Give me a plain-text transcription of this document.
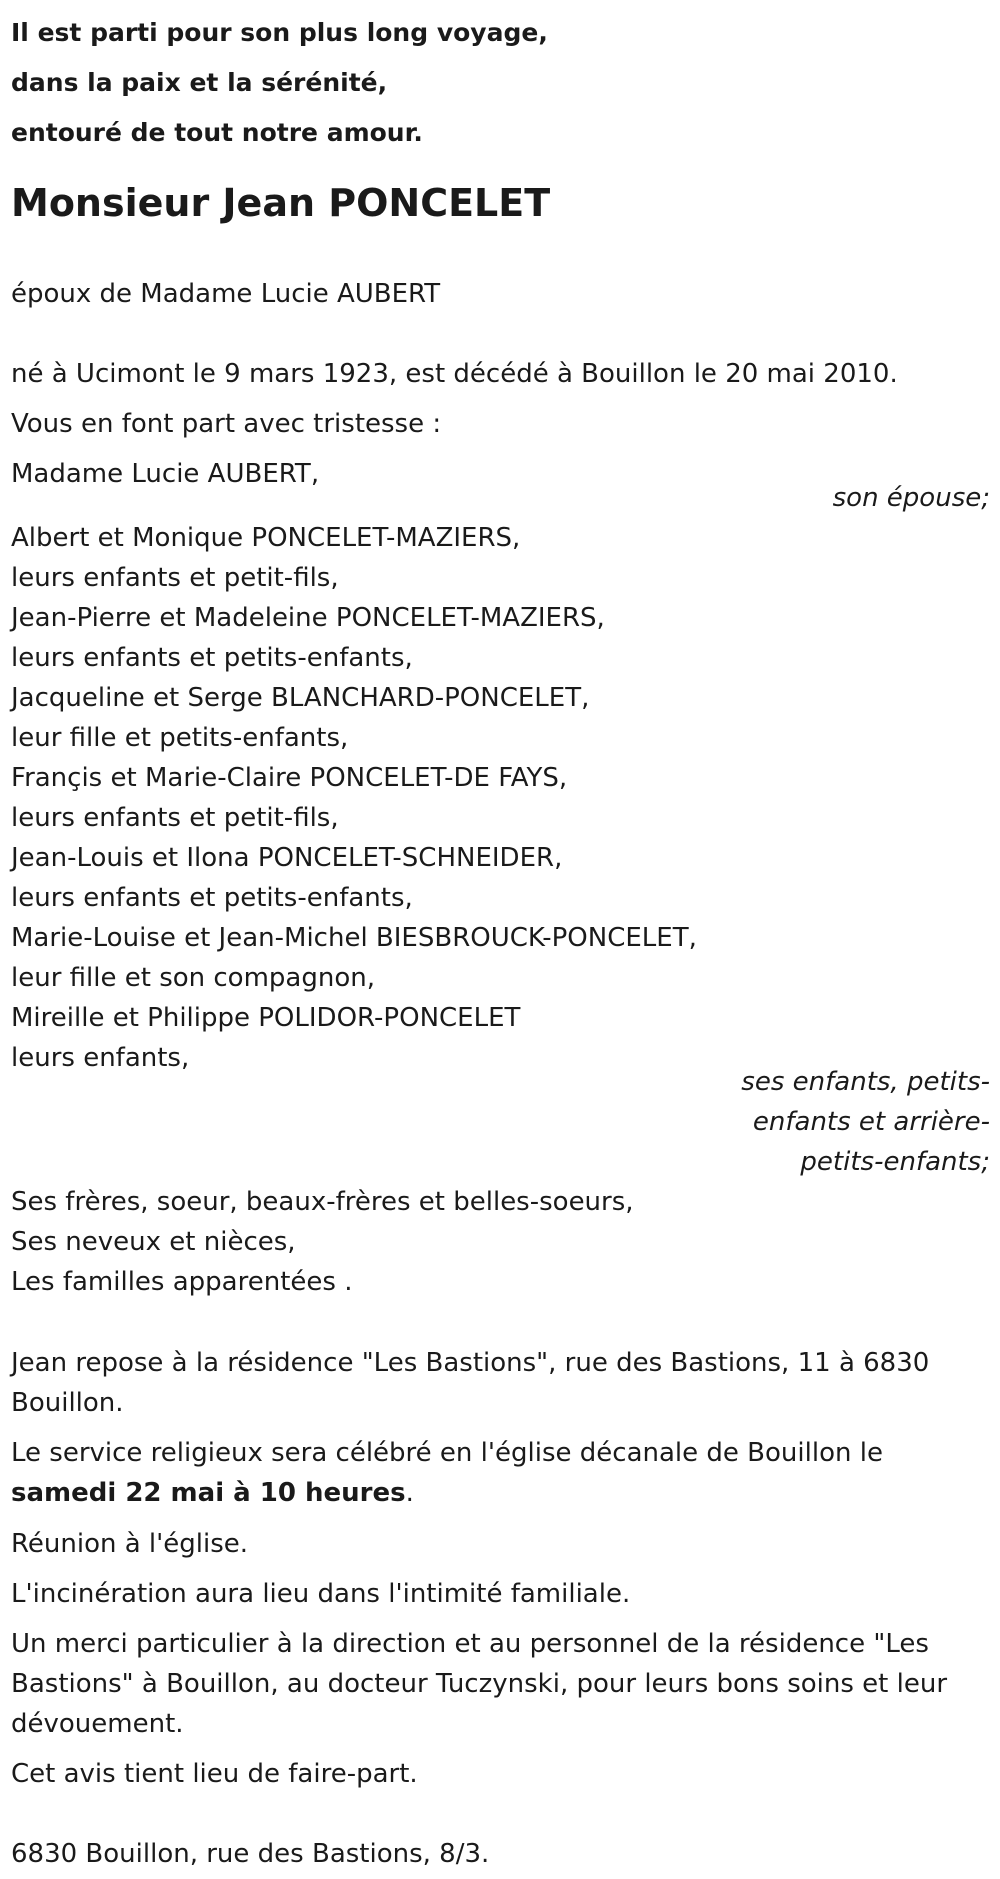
Il est parti pour son plus long voyage,
dans la paix et la sérénité,
entouré de tout notre amour.
Monsieur Jean PONCELET

époux de Madame Lucie AUBERT

né à Ucimont le 9 mars 1923, est décédé à Bouillon le 20 mai 2010.

Vous en font part avec tristesse :

Madame Lucie AUBERT,

son épouse;

Albert et Monique PONCELET-MAZIERS,
leurs enfants et petit-fils,
Jean-Pierre et Madeleine PONCELET-MAZIERS,
leurs enfants et petits-enfants,
Jacqueline et Serge BLANCHARD-PONCELET,
leur fille et petits-enfants,
Françis et Marie-Claire PONCELET-DE FAYS,
leurs enfants et petit-fils,
Jean-Louis et Ilona PONCELET-SCHNEIDER,
leurs enfants et petits-enfants,
Marie-Louise et Jean-Michel BIESBROUCK-PONCELET,
leur fille et son compagnon,
Mireille et Philippe POLIDOR-PONCELET
leurs enfants,

ses enfants, petits-enfants et arrière-petits-enfants;

Ses frères, soeur, beaux-frères et belles-soeurs,
Ses neveux et nièces,
Les familles apparentées .

Jean repose à la résidence "Les Bastions", rue des Bastions, 11 à 6830 Bouillon.

Le service religieux sera célébré en l'église décanale de Bouillon le samedi 22 mai à 10 heures.

Réunion à l'église.

L'incinération aura lieu dans l'intimité familiale.

Un merci particulier à la direction et au personnel de la résidence "Les Bastions" à Bouillon, au docteur Tuczynski, pour leurs bons soins et leur dévouement.

Cet avis tient lieu de faire-part.

6830 Bouillon, rue des Bastions, 8/3.
